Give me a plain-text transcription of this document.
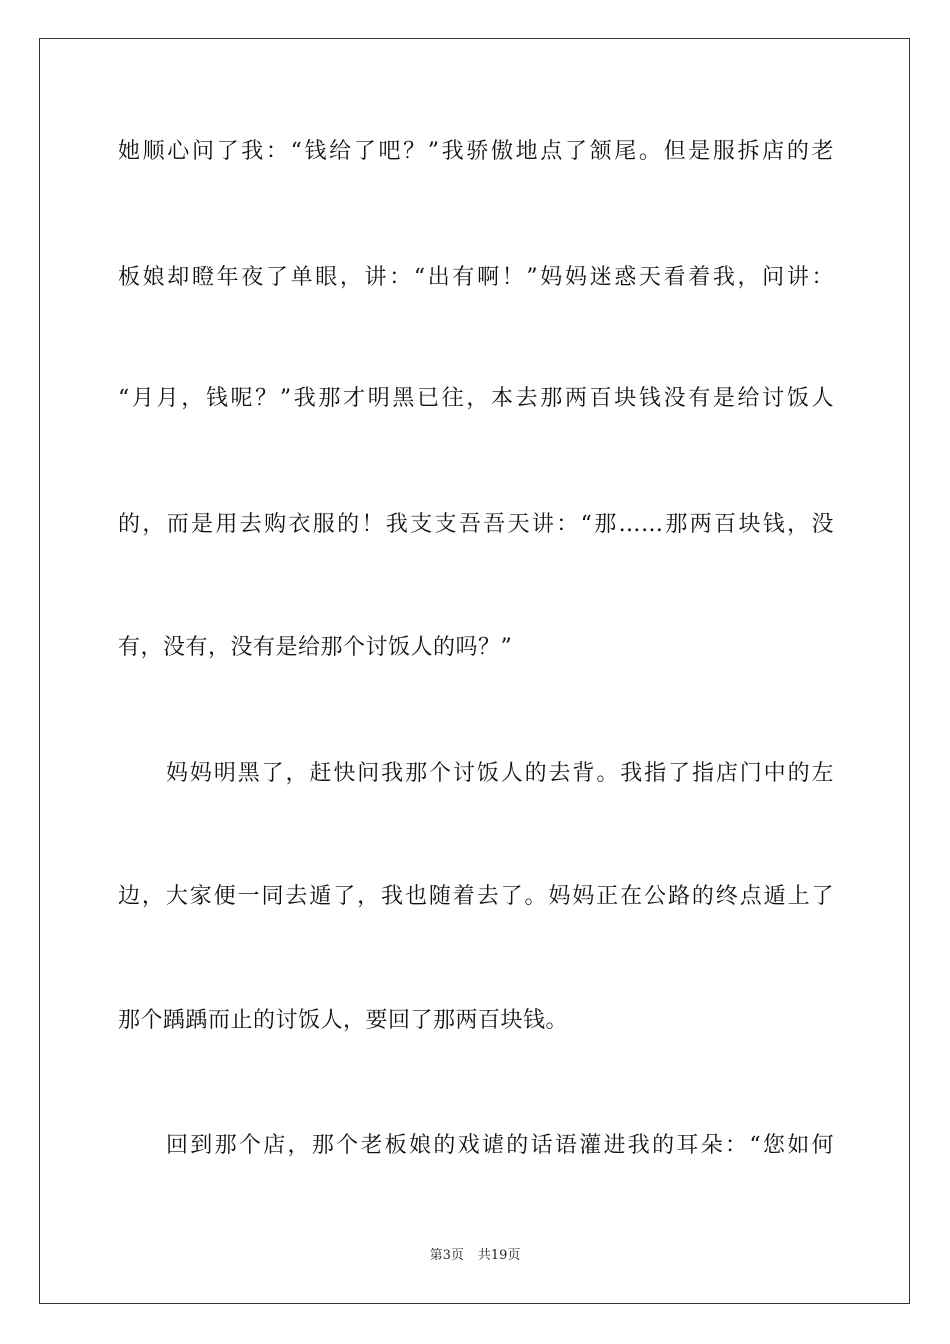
她顺心问了我：“钱给了吧？”我骄傲地点了颔尾。但是服拆店的老
板娘却瞪年夜了单眼，讲：“出有啊！”妈妈迷惑天看着我，问讲：
“月月，钱呢？”我那才明黑已往，本去那两百块钱没有是给讨饭人
的，而是用去购衣服的！我支支吾吾天讲：“那……那两百块钱，没
有，没有，没有是给那个讨饭人的吗？”
妈妈明黑了，赶快问我那个讨饭人的去背。我指了指店门中的左
边，大家便一同去遁了，我也随着去了。妈妈正在公路的终点遁上了
那个踽踽而止的讨饭人，要回了那两百块钱。
回到那个店，那个老板娘的戏谑的话语灌进我的耳朵：“您如何
第3页 共19页
